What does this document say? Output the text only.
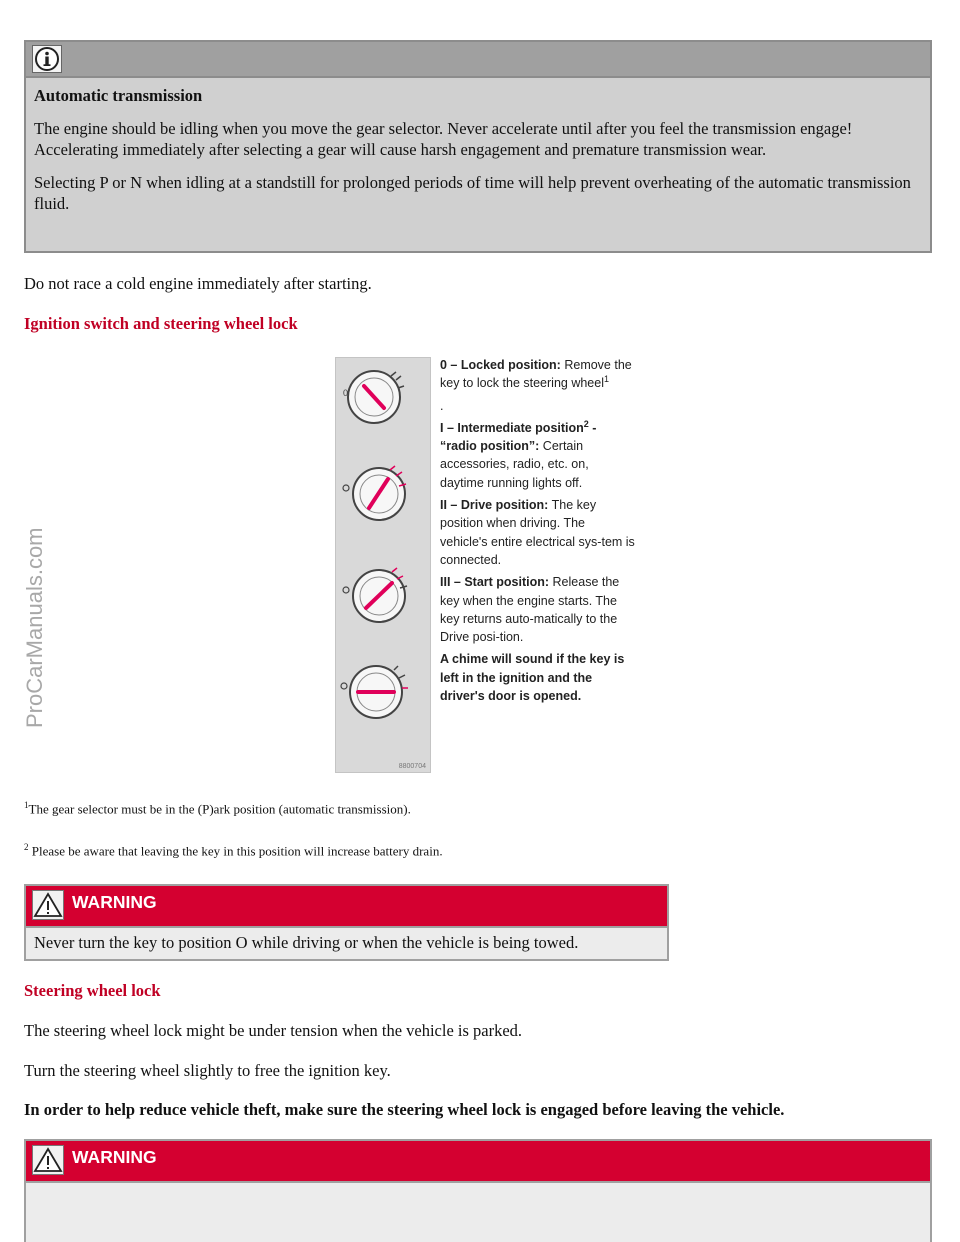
ProCarManuals.com

Automatic transmission

The engine should be idling when you move the gear selector. Never accelerate until after you feel the transmission engage! Accelerating immediately after selecting a gear will cause harsh engagement and premature transmission wear.

Selecting P or N when idling at a standstill for prolonged periods of time will help prevent overheating of the automatic transmission fluid.

Do not race a cold engine immediately after starting.

Ignition switch and steering wheel lock

0
8800704
0 – Locked position: Remove the key to lock the steering wheel$^1$
.
I – Intermediate position$^2$ - “radio position”: Certain accessories, radio, etc. on, daytime running lights off.
II – Drive position: The key position when driving. The vehicle's entire electrical sys-tem is connected.
III – Start position: Release the key when the engine starts. The key returns auto-matically to the Drive posi-tion.
A chime will sound if the key is left in the ignition and the driver's door is opened.

$^1$The gear selector must be in the (P)ark position (automatic transmission).

$^2$ Please be aware that leaving the key in this position will increase battery drain.

WARNING
Never turn the key to position O while driving or when the vehicle is being towed.

Steering wheel lock

The steering wheel lock might be under tension when the vehicle is parked.

Turn the steering wheel slightly to free the ignition key.

In order to help reduce vehicle theft, make sure the steering wheel lock is engaged before leaving the vehicle.

WARNING
